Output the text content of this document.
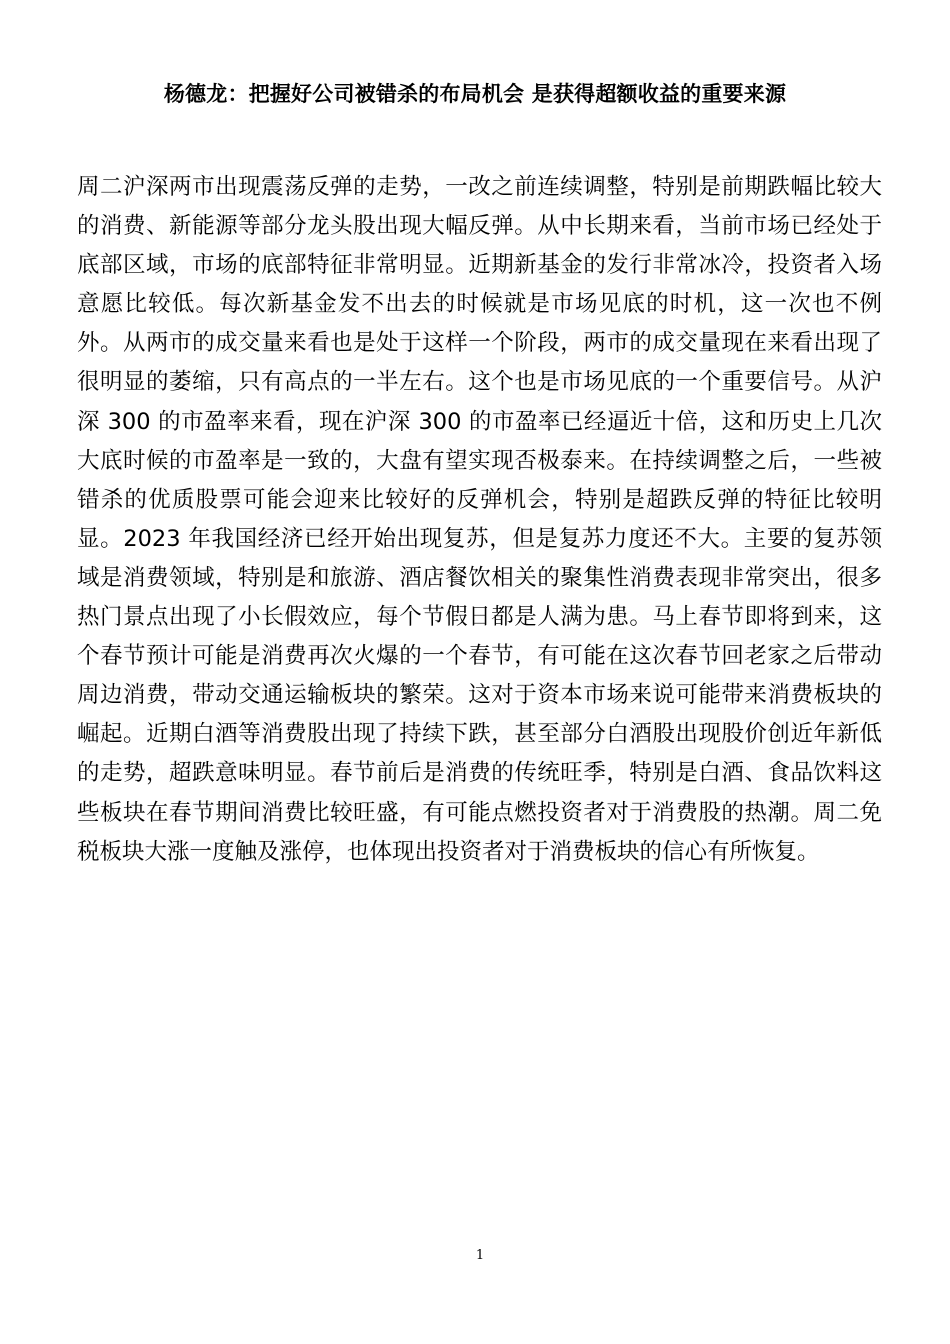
杨德龙：把握好公司被错杀的布局机会 是获得超额收益的重要来源

周二沪深两市出现震荡反弹的走势，一改之前连续调整，特别是前期跌幅比较大的消费、新能源等部分龙头股出现大幅反弹。从中长期来看，当前市场已经处于底部区域，市场的底部特征非常明显。近期新基金的发行非常冰冷，投资者入场意愿比较低。每次新基金发不出去的时候就是市场见底的时机，这一次也不例外。从两市的成交量来看也是处于这样一个阶段，两市的成交量现在来看出现了很明显的萎缩，只有高点的一半左右。这个也是市场见底的一个重要信号。从沪深 300 的市盈率来看，现在沪深 300 的市盈率已经逼近十倍，这和历史上几次大底时候的市盈率是一致的，大盘有望实现否极泰来。在持续调整之后，一些被错杀的优质股票可能会迎来比较好的反弹机会，特别是超跌反弹的特征比较明显。2023 年我国经济已经开始出现复苏，但是复苏力度还不大。主要的复苏领域是消费领域，特别是和旅游、酒店餐饮相关的聚集性消费表现非常突出，很多热门景点出现了小长假效应，每个节假日都是人满为患。马上春节即将到来，这个春节预计可能是消费再次火爆的一个春节，有可能在这次春节回老家之后带动周边消费，带动交通运输板块的繁荣。这对于资本市场来说可能带来消费板块的崛起。近期白酒等消费股出现了持续下跌，甚至部分白酒股出现股价创近年新低的走势，超跌意味明显。春节前后是消费的传统旺季，特别是白酒、食品饮料这些板块在春节期间消费比较旺盛，有可能点燃投资者对于消费股的热潮。周二免税板块大涨一度触及涨停，也体现出投资者对于消费板块的信心有所恢复。

1
